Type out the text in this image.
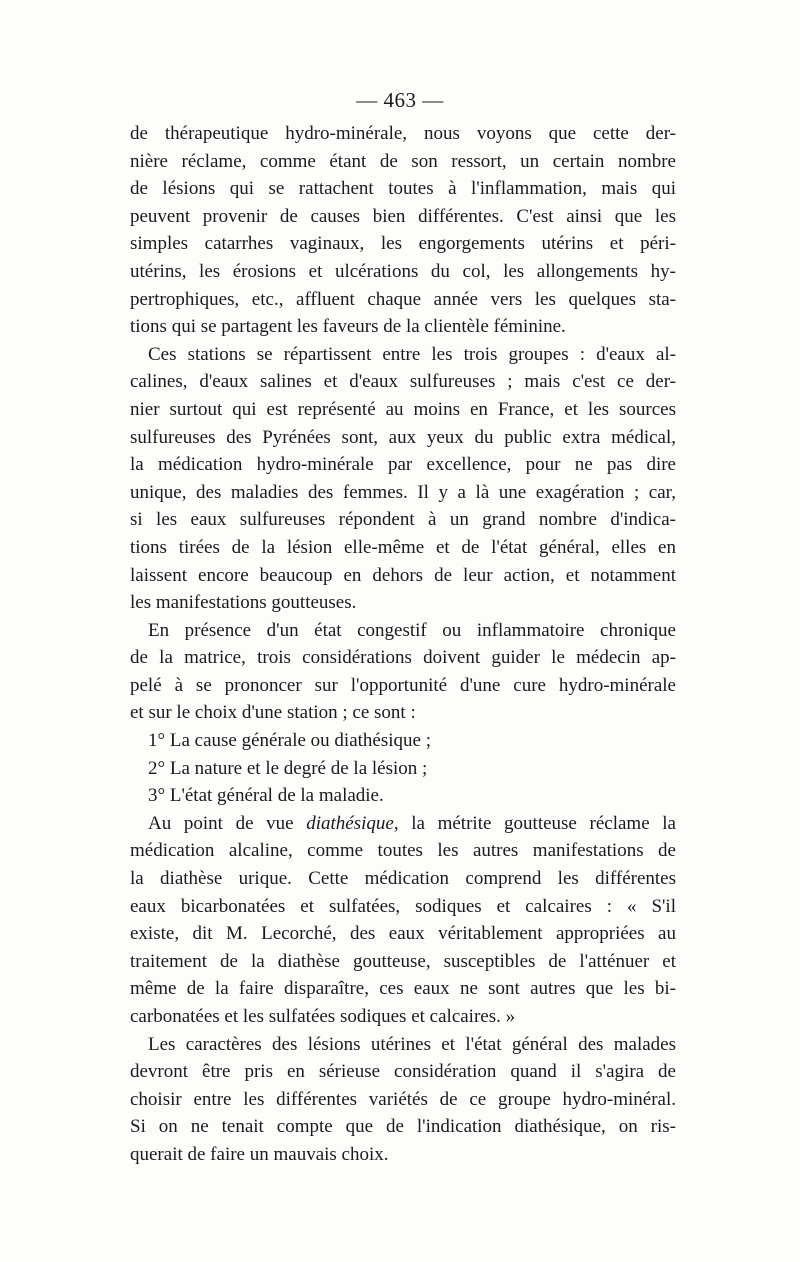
— 463 —
de thérapeutique hydro-minérale, nous voyons que cette der-
nière réclame, comme étant de son ressort, un certain nombre
de lésions qui se rattachent toutes à l'inflammation, mais qui
peuvent provenir de causes bien différentes. C'est ainsi que les
simples catarrhes vaginaux, les engorgements utérins et péri-
utérins, les érosions et ulcérations du col, les allongements hy-
pertrophiques, etc., affluent chaque année vers les quelques sta-
tions qui se partagent les faveurs de la clientèle féminine.
Ces stations se répartissent entre les trois groupes : d'eaux al-
calines, d'eaux salines et d'eaux sulfureuses ; mais c'est ce der-
nier surtout qui est représenté au moins en France, et les sources
sulfureuses des Pyrénées sont, aux yeux du public extra médical,
la médication hydro-minérale par excellence, pour ne pas dire
unique, des maladies des femmes. Il y a là une exagération ; car,
si les eaux sulfureuses répondent à un grand nombre d'indica-
tions tirées de la lésion elle-même et de l'état général, elles en
laissent encore beaucoup en dehors de leur action, et notamment
les manifestations goutteuses.
En présence d'un état congestif ou inflammatoire chronique
de la matrice, trois considérations doivent guider le médecin ap-
pelé à se prononcer sur l'opportunité d'une cure hydro-minérale
et sur le choix d'une station ; ce sont :
1° La cause générale ou diathésique ;
2° La nature et le degré de la lésion ;
3° L'état général de la maladie.
Au point de vue diathésique, la métrite goutteuse réclame la
médication alcaline, comme toutes les autres manifestations de
la diathèse urique. Cette médication comprend les différentes
eaux bicarbonatées et sulfatées, sodiques et calcaires : « S'il
existe, dit M. Lecorché, des eaux véritablement appropriées au
traitement de la diathèse goutteuse, susceptibles de l'atténuer et
même de la faire disparaître, ces eaux ne sont autres que les bi-
carbonatées et les sulfatées sodiques et calcaires. »
Les caractères des lésions utérines et l'état général des malades
devront être pris en sérieuse considération quand il s'agira de
choisir entre les différentes variétés de ce groupe hydro-minéral.
Si on ne tenait compte que de l'indication diathésique, on ris-
querait de faire un mauvais choix.
